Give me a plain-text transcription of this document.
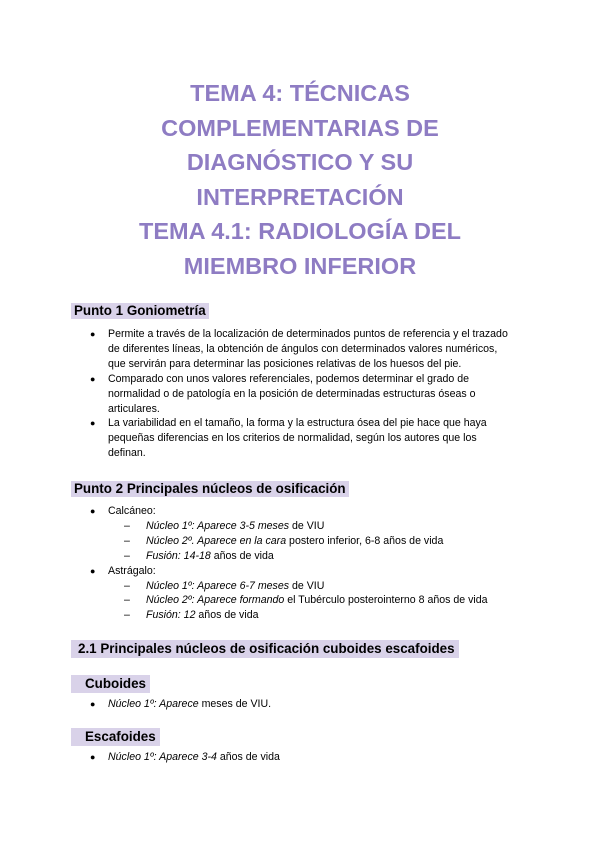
TEMA 4: TÉCNICAS
COMPLEMENTARIAS DE
DIAGNÓSTICO Y SU
INTERPRETACIÓN
TEMA 4.1: RADIOLOGÍA DEL
MIEMBRO INFERIOR
Punto 1 Goniometría
● Permite a través de la localización de determinados puntos de referencia y el trazado
de diferentes líneas, la obtención de ángulos con determinados valores numéricos,
que servirán para determinar las posiciones relativas de los huesos del pie.
● Comparado con unos valores referenciales, podemos determinar el grado de
normalidad o de patología en la posición de determinadas estructuras óseas o
articulares.
● La variabilidad en el tamaño, la forma y la estructura ósea del pie hace que haya
pequeñas diferencias en los criterios de normalidad, según los autores que los
definan.
Punto 2 Principales núcleos de osificación
● Calcáneo:
– Núcleo 1º: Aparece 3-5 meses de VIU
– Núcleo 2º. Aparece en la cara postero inferior, 6-8 años de vida
– Fusión: 14-18 años de vida
● Astrágalo:
– Núcleo 1º: Aparece 6-7 meses de VIU
– Núcleo 2º: Aparece formando el Tubérculo posterointerno 8 años de vida
– Fusión: 12 años de vida
2.1 Principales núcleos de osificación cuboides escafoides
Cuboides
● Núcleo 1º: Aparece meses de VIU.
Escafoides
● Núcleo 1º: Aparece 3-4 años de vida
